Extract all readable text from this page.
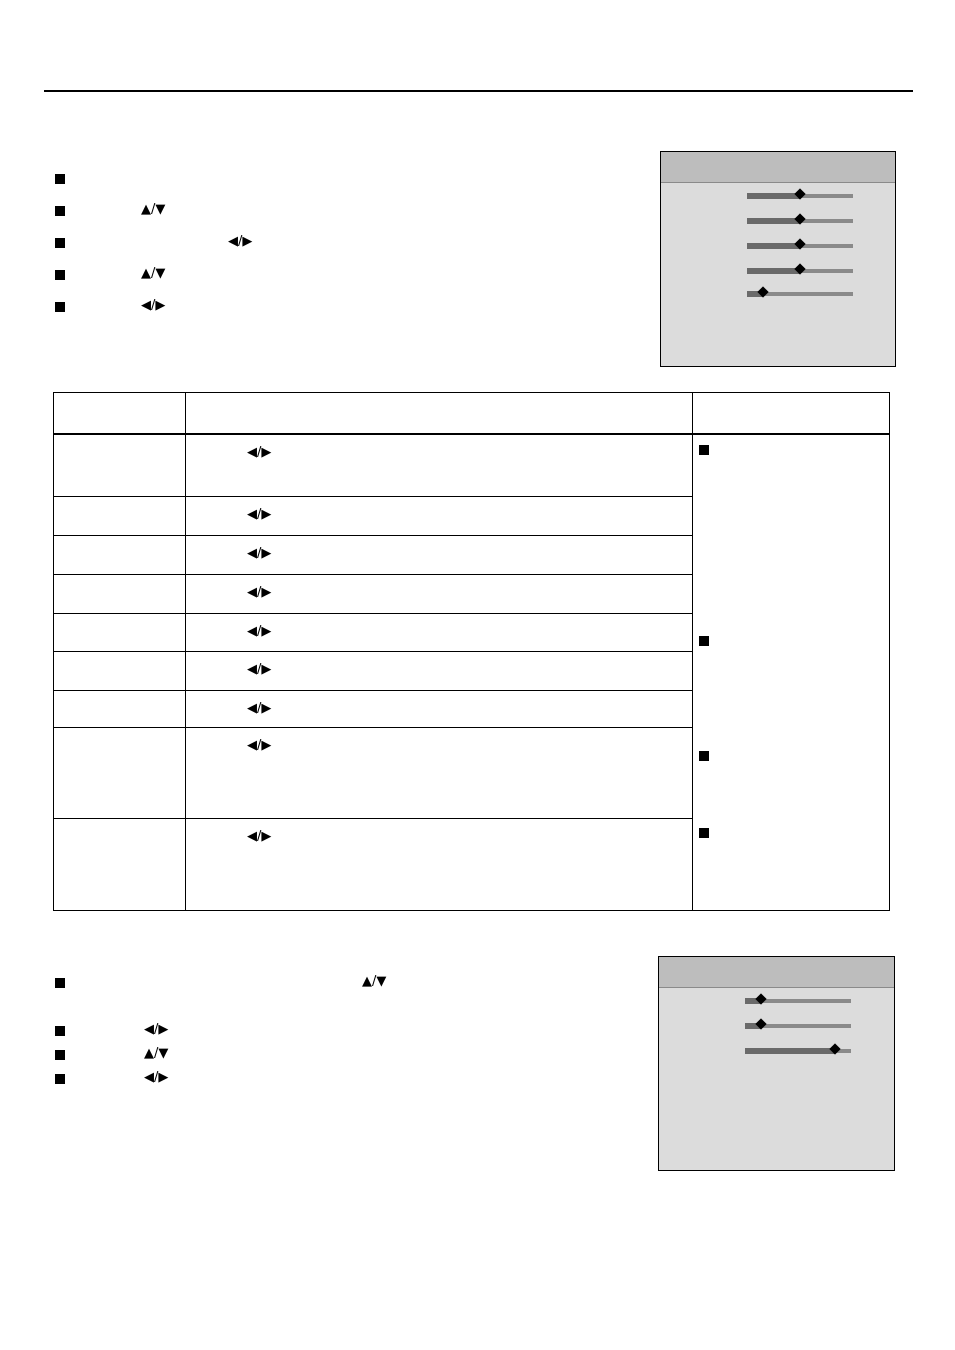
▲/▼
◀/▶
▲/▼
◀/▶

	◀/▶	

	◀/▶	

	◀/▶	

	◀/▶	

	◀/▶	

	◀/▶	

	◀/▶	

	◀/▶	

	◀/▶	
▲/▼
◀/▶
▲/▼
◀/▶
